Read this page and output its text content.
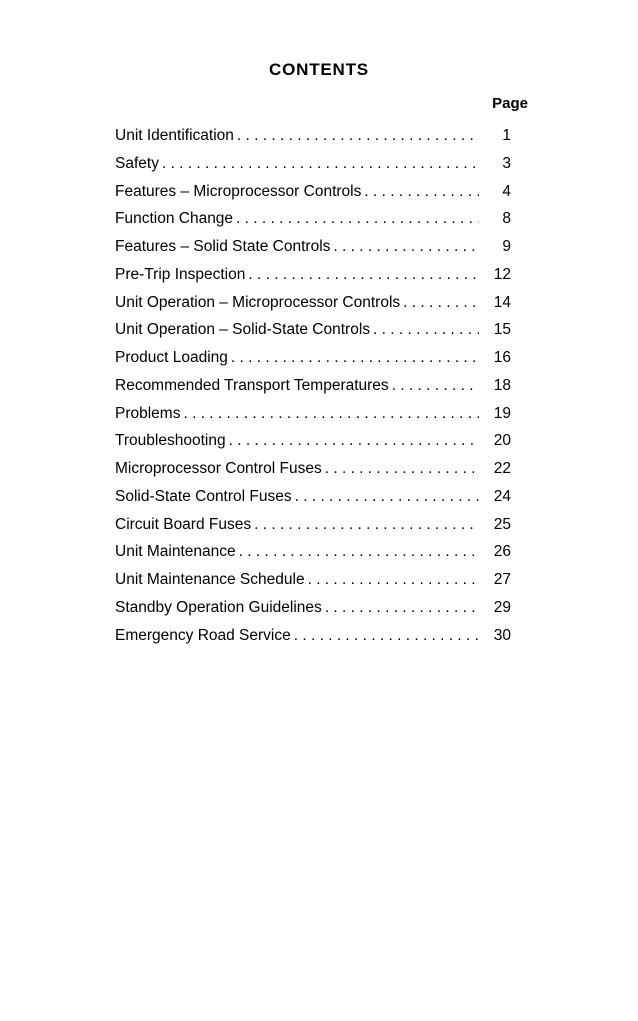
CONTENTS
Page
Unit Identification . . .	1
Safety . . .	3
Features – Microprocessor Controls . . .	4
Function Change . . .	8
Features – Solid State Controls . . .	9
Pre-Trip Inspection . . .	12
Unit Operation – Microprocessor Controls . . .	14
Unit Operation – Solid-State Controls . . .	15
Product Loading . . .	16
Recommended Transport Temperatures . . .	18
Problems . . .	19
Troubleshooting . . .	20
Microprocessor Control Fuses . . .	22
Solid-State Control Fuses . . .	24
Circuit Board Fuses . . .	25
Unit Maintenance . . .	26
Unit Maintenance Schedule . . .	27
Standby Operation Guidelines . . .	29
Emergency Road Service . . .	30
